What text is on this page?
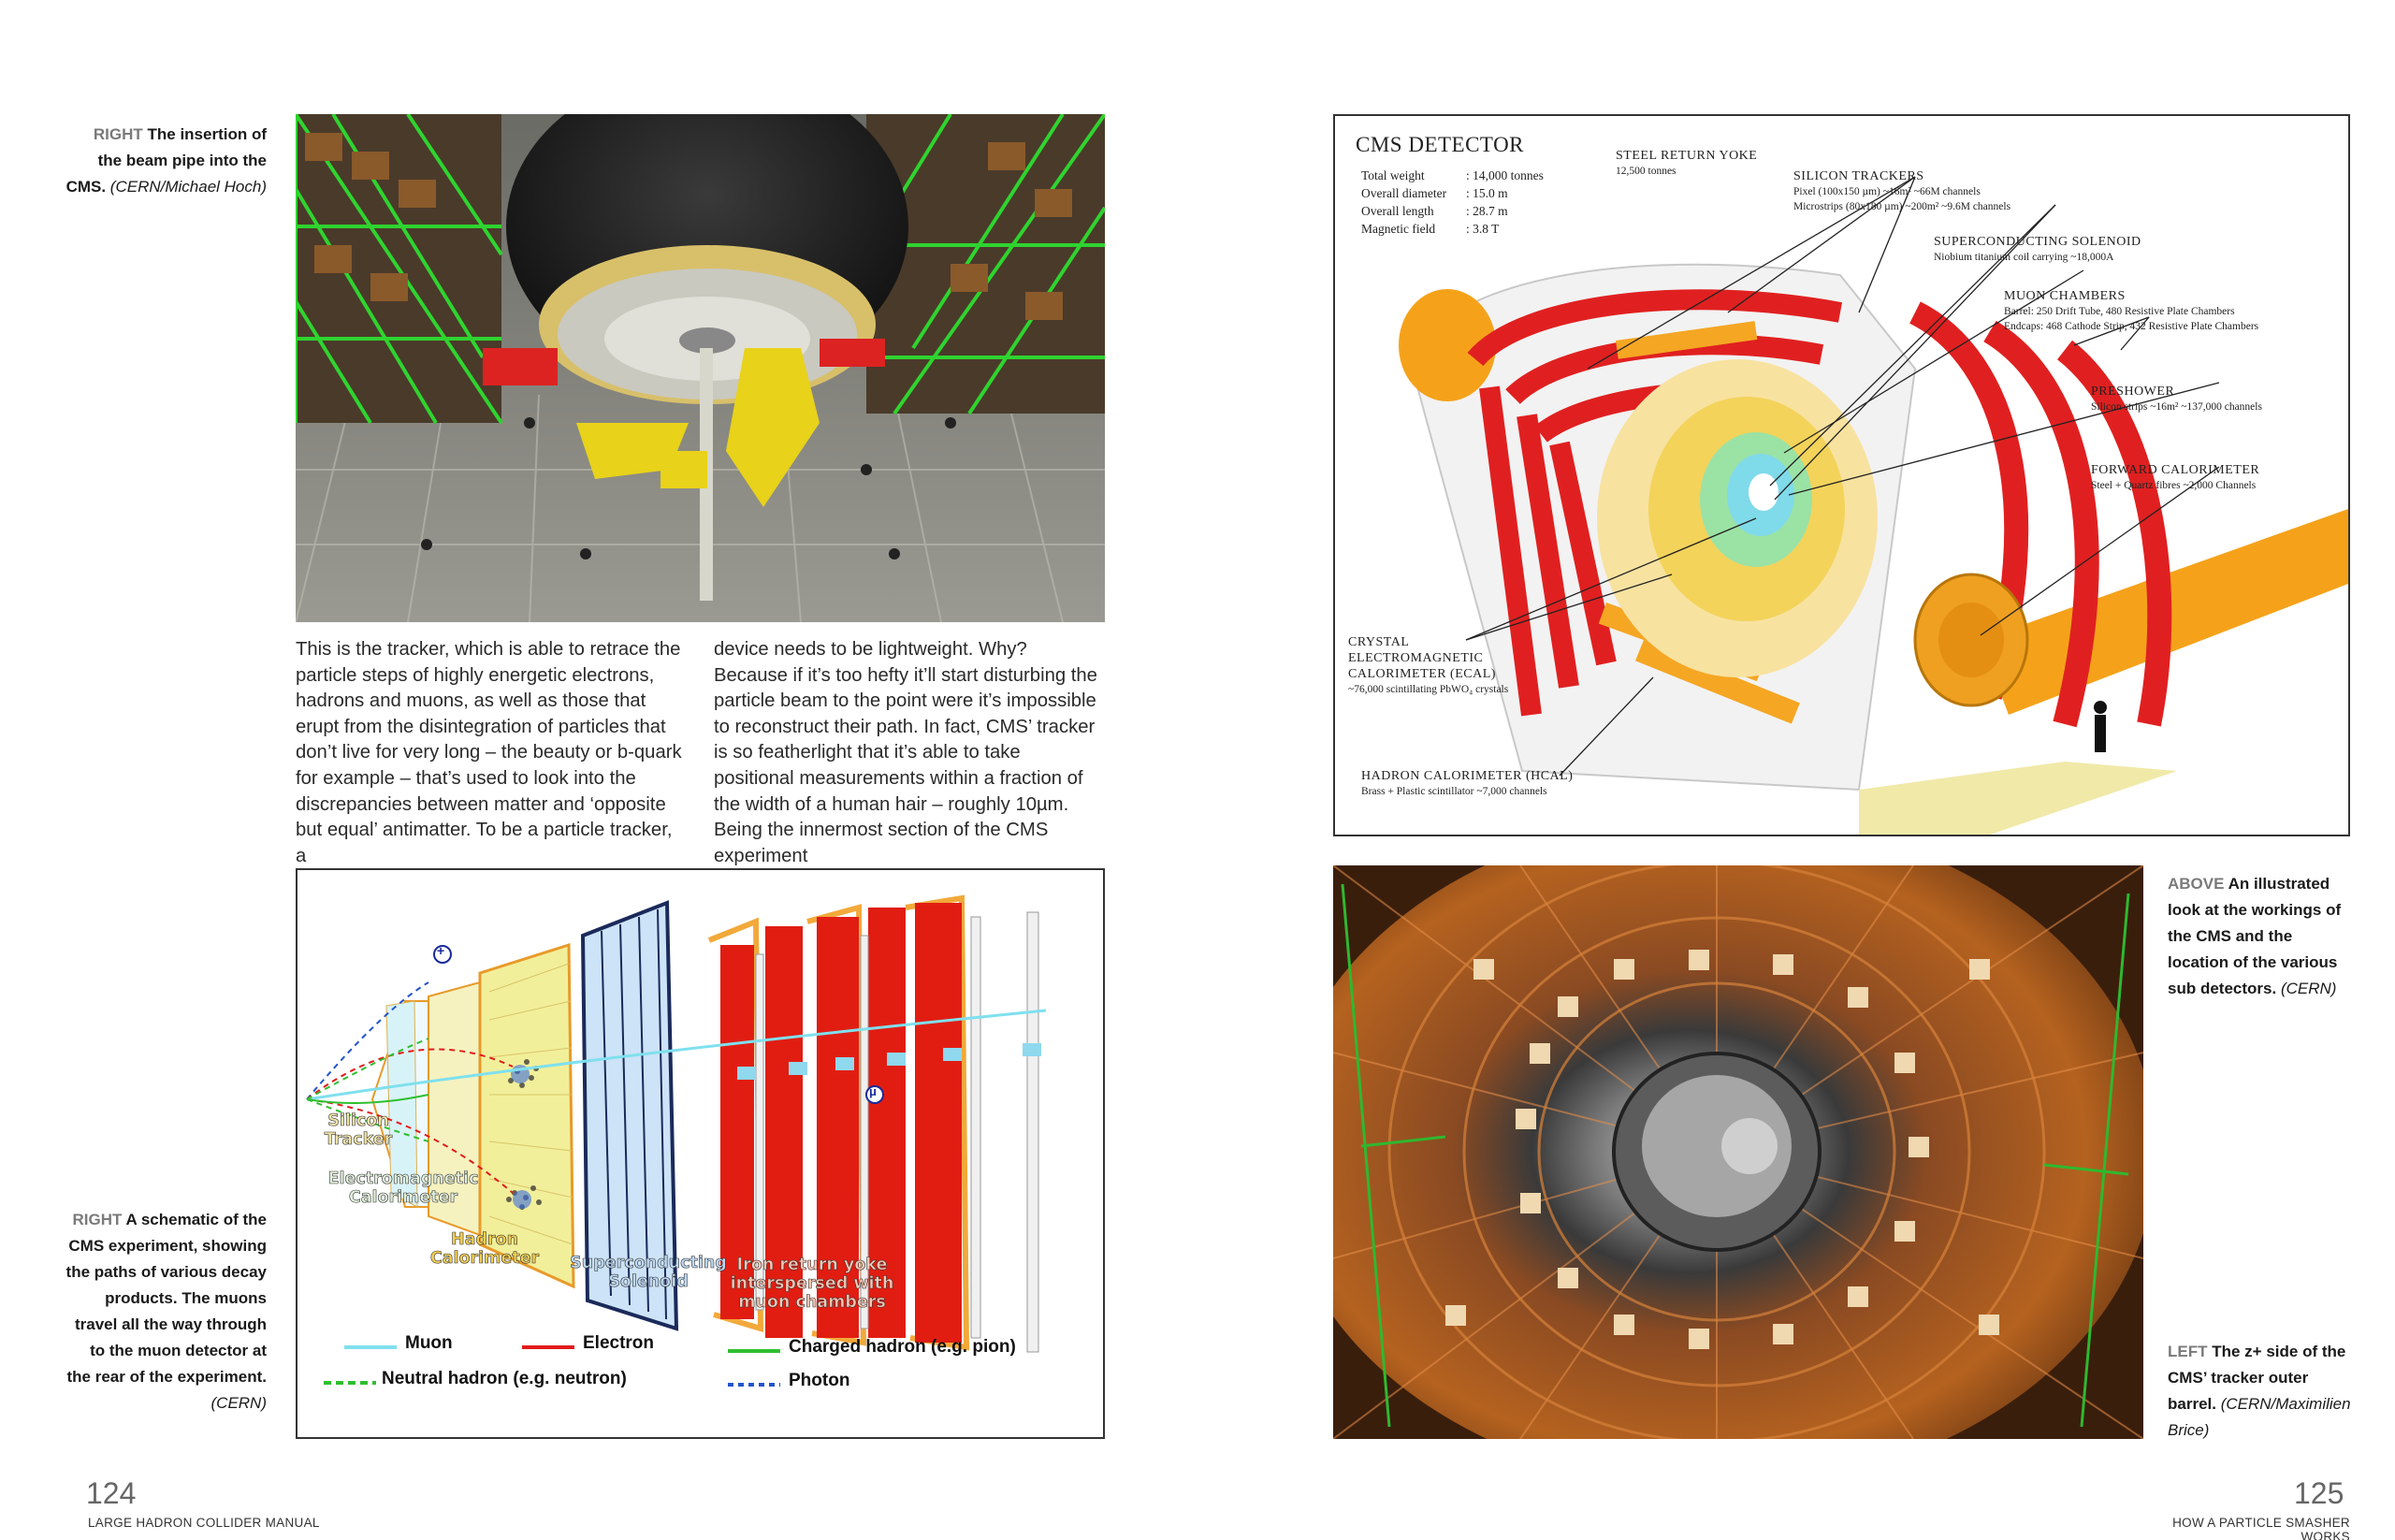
RIGHT The insertion of the beam pipe into the CMS. (CERN/Michael Hoch)
This is the tracker, which is able to retrace the particle steps of highly energetic electrons, hadrons and muons, as well as those that erupt from the disintegration of particles that don’t live for very long – the beauty or b-quark for example – that’s used to look into the discrepancies between matter and ‘opposite but equal’ antimatter. To be a particle tracker, a
device needs to be lightweight. Why? Because if it’s too hefty it’ll start disturbing the particle beam to the point were it’s impossible to reconstruct their path. In fact, CMS’ tracker is so featherlight that it’s able to take positional measurements within a fraction of the width of a human hair – roughly 10µm. Being the innermost section of the CMS experiment
+
μ
Silicon Tracker
Electromagnetic Calorimeter
Hadron Calorimeter Superconducting Solenoid
Iron return yoke interspersed with muon chambers
Muon	Electron	Charged hadron (e.g. pion)
Neutral hadron (e.g. neutron)	Photon
RIGHT A schematic of the CMS experiment, showing the paths of various decay products. The muons travel all the way through to the muon detector at the rear of the experiment. (CERN)
124
LARGE HADRON COLLIDER MANUAL
CMS DETECTOR
Total weight	: 14,000 tonnes
Overall diameter	: 15.0 m
Overall length	: 28.7 m
Magnetic field	: 3.8 T
STEEL RETURN YOKE
12,500 tonnes	SILICON TRACKERS
Pixel (100x150 µm) ~16m² ~66M channels
Microstrips (80x180 µm) ~200m² ~9.6M channels
SUPERCONDUCTING SOLENOID
Niobium titanium coil carrying ~18,000A
MUON CHAMBERS
Barrel: 250 Drift Tube, 480 Resistive Plate Chambers
Endcaps: 468 Cathode Strip, 432 Resistive Plate Chambers
PRESHOWER
Silicon strips ~16m² ~137,000 channels
FORWARD CALORIMETER
Steel + Quartz fibres ~2,000 Channels
CRYSTAL
ELECTROMAGNETIC
CALORIMETER (ECAL)
~76,000 scintillating PbWO₄ crystals
HADRON CALORIMETER (HCAL)
Brass + Plastic scintillator ~7,000 channels
ABOVE An illustrated look at the workings of the CMS and the location of the various sub detectors. (CERN)
LEFT The z+ side of the CMS’ tracker outer barrel. (CERN/Maximilien Brice)
125
HOW A PARTICLE SMASHER WORKS
